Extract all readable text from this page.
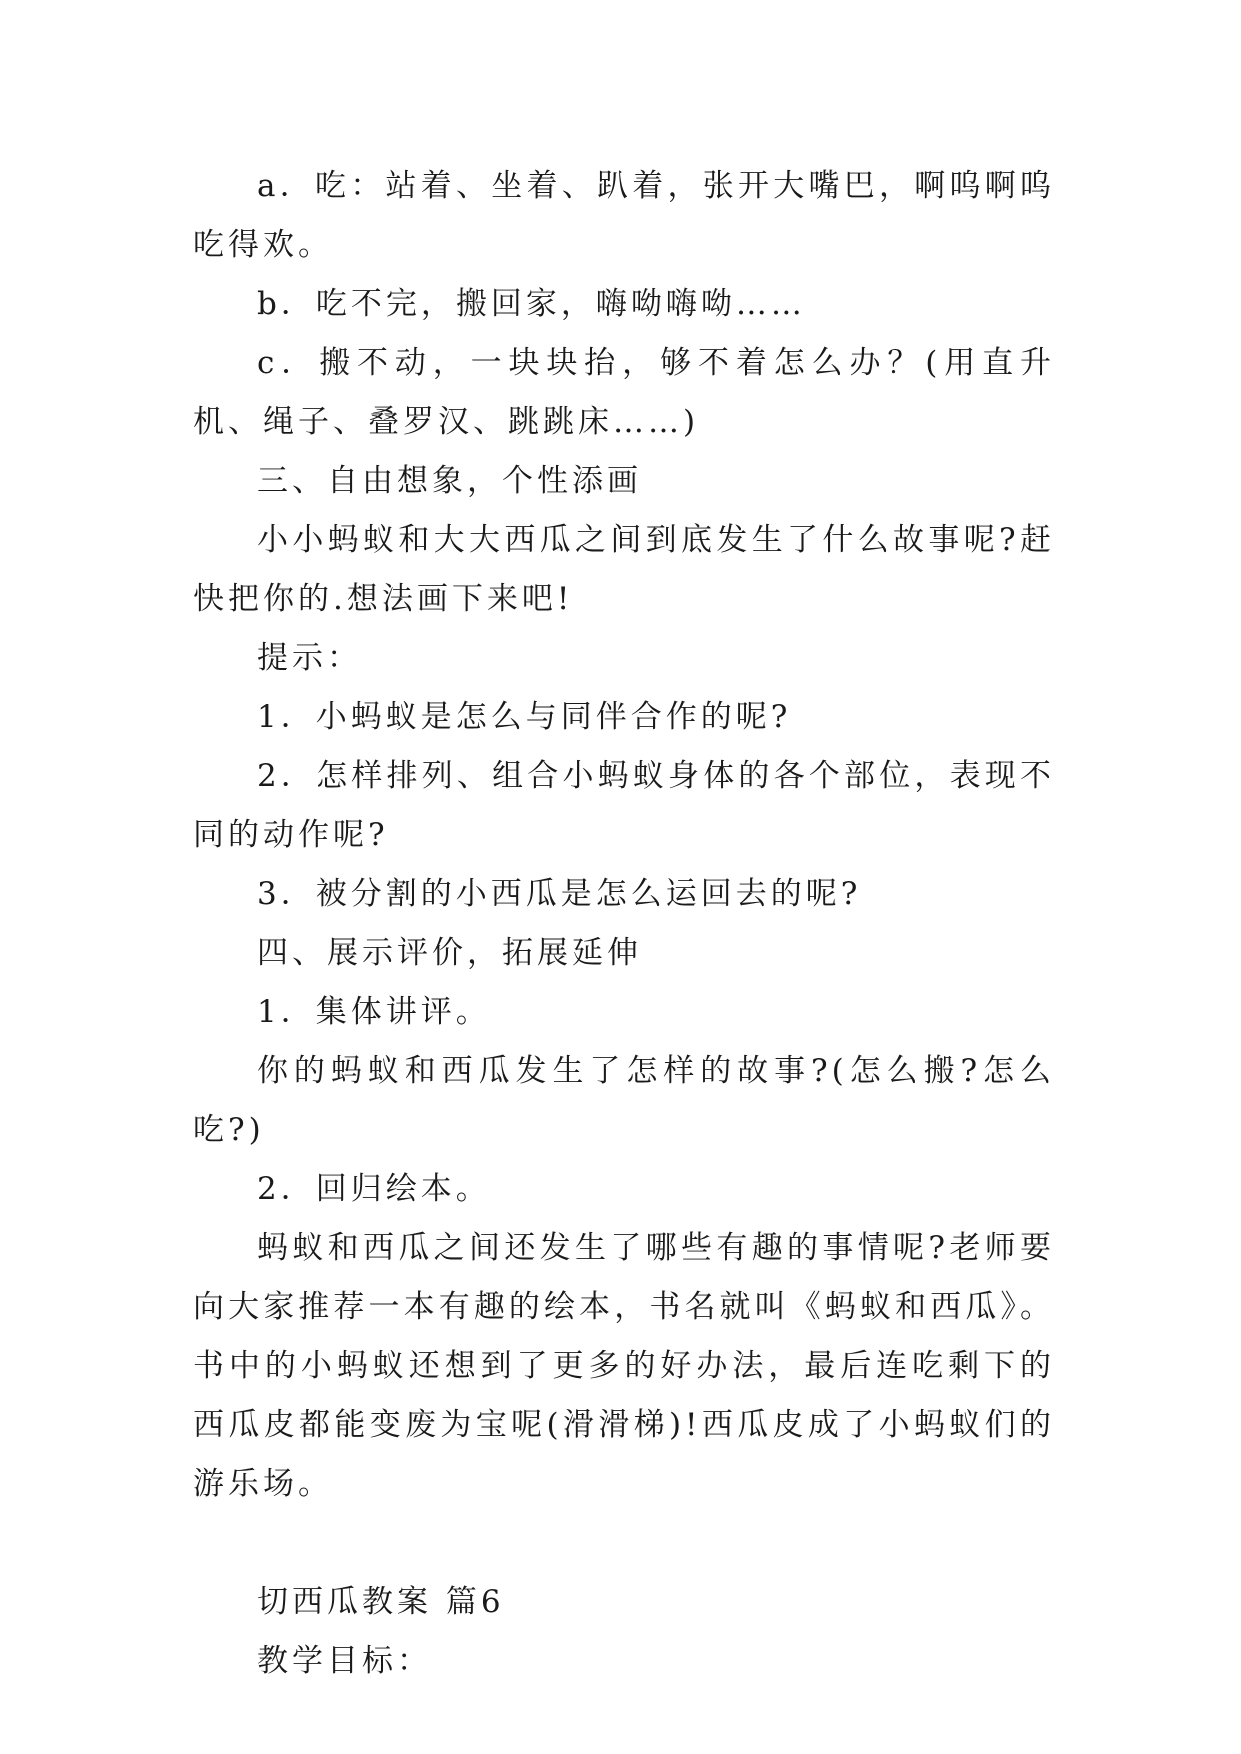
a．吃：站着、坐着、趴着，张开大嘴巴，啊呜啊呜吃得欢。

b．吃不完，搬回家，嗨呦嗨呦……

c．搬不动，一块块抬，够不着怎么办？(用直升机、绳子、叠罗汉、跳跳床……)

三、自由想象，个性添画

小小蚂蚁和大大西瓜之间到底发生了什么故事呢?赶快把你的.想法画下来吧!

提示：

1．小蚂蚁是怎么与同伴合作的呢?

2．怎样排列、组合小蚂蚁身体的各个部位，表现不同的动作呢?

3．被分割的小西瓜是怎么运回去的呢?

四、展示评价，拓展延伸

1．集体讲评。

你的蚂蚁和西瓜发生了怎样的故事?(怎么搬?怎么吃?)

2．回归绘本。

蚂蚁和西瓜之间还发生了哪些有趣的事情呢?老师要向大家推荐一本有趣的绘本，书名就叫《蚂蚁和西瓜》。书中的小蚂蚁还想到了更多的好办法，最后连吃剩下的西瓜皮都能变废为宝呢(滑滑梯)!西瓜皮成了小蚂蚁们的游乐场。

切西瓜教案 篇6

教学目标：
